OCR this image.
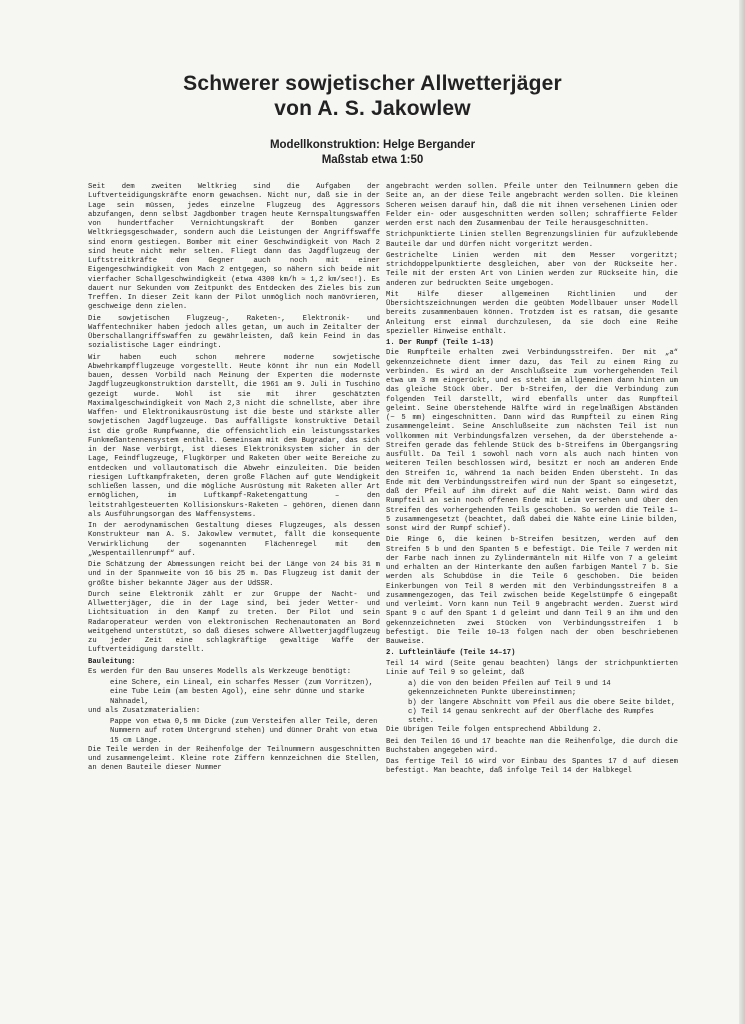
Schwerer sowjetischer Allwetterjäger
von A. S. Jakowlew
Modellkonstruktion: Helge Bergander
Maßstab etwa 1:50

Seit dem zweiten Weltkrieg sind die Aufgaben der Luftverteidigungskräfte enorm gewachsen. Nicht nur, daß sie in der Lage sein müssen, jedes einzelne Flugzeug des Aggressors abzufangen, denn selbst Jagdbomber tragen heute Kernspaltungswaffen von hundertfacher Vernichtungskraft der Bomben ganzer Weltkriegsgeschwader, sondern auch die Leistungen der Angriffswaffe sind enorm gestiegen. Bomber mit einer Geschwindigkeit von Mach 2 sind heute nicht mehr selten. Fliegt dann das Jagdflugzeug der Luftstreitkräfte dem Gegner auch noch mit einer Eigengeschwindigkeit von Mach 2 entgegen, so nähern sich beide mit vierfacher Schallgeschwindigkeit (etwa 4300 km/h ≈ 1,2 km/sec!). Es dauert nur Sekunden vom Zeitpunkt des Entdecken des Zieles bis zum Treffen. In dieser Zeit kann der Pilot unmöglich noch manövrieren, geschweige denn zielen.

Die sowjetischen Flugzeug-, Raketen-, Elektronik- und Waffentechniker haben jedoch alles getan, um auch im Zeitalter der Überschallangriffswaffen zu gewährleisten, daß kein Feind in das sozialistische Lager eindringt.

Wir haben euch schon mehrere moderne sowjetische Abwehrkampfflugzeuge vorgestellt. Heute könnt ihr nun ein Modell bauen, dessen Vorbild nach Meinung der Experten die modernste Jagdflugzeugkonstruktion darstellt, die 1961 am 9. Juli in Tuschino gezeigt wurde. Wohl ist sie mit ihrer geschätzten Maximalgeschwindigkeit von Mach 2,3 nicht die schnellste, aber ihre Waffen- und Elektronikausrüstung ist die beste und stärkste aller sowjetischen Jagdflugzeuge. Das auffälligste konstruktive Detail ist die große Rumpfwanne, die offensichtlich ein leistungsstarkes Funkmeßantennensystem enthält. Gemeinsam mit dem Bugradar, das sich in der Nase verbirgt, ist dieses Elektroniksystem sicher in der Lage, Feindflugzeuge, Flugkörper und Raketen über weite Bereiche zu entdecken und vollautomatisch die Abwehr einzuleiten. Die beiden riesigen Luftkampfraketen, deren große Flächen auf gute Wendigkeit schließen lassen, und die mögliche Ausrüstung mit Raketen aller Art ermöglichen, im Luftkampf-Raketengattung – den leitstrahlgesteuerten Kollisionskurs-Raketen – gehören, dienen dann als Ausführungsorgan des Waffensystems.

In der aerodynamischen Gestaltung dieses Flugzeuges, als dessen Konstrukteur man A. S. Jakowlew vermutet, fällt die konsequente Verwirklichung der sogenannten Flächenregel mit dem „Wespentaillenrumpf“ auf.

Die Schätzung der Abmessungen reicht bei der Länge von 24 bis 31 m und in der Spannweite von 16 bis 25 m. Das Flugzeug ist damit der größte bisher bekannte Jäger aus der UdSSR.

Durch seine Elektronik zählt er zur Gruppe der Nacht- und Allwetterjäger, die in der Lage sind, bei jeder Wetter- und Lichtsituation in den Kampf zu treten. Der Pilot und sein Radaroperateur werden von elektronischen Rechenautomaten an Bord weitgehend unterstützt, so daß dieses schwere Allwetterjagdflugzeug zu jeder Zeit eine schlagkräftige gewaltige Waffe der Luftverteidigung darstellt.

Bauleitung:

Es werden für den Bau unseres Modells als Werkzeuge benötigt:

eine Schere, ein Lineal, ein scharfes Messer (zum Vorritzen), eine Tube Leim (am besten Agol), eine sehr dünne und starke Nähnadel,

und als Zusatzmaterialien:

Pappe von etwa 0,5 mm Dicke (zum Versteifen aller Teile, deren Nummern auf rotem Untergrund stehen) und dünner Draht von etwa 15 cm Länge.

Die Teile werden in der Reihenfolge der Teilnummern ausgeschnitten und zusammengeleimt. Kleine rote Ziffern kennzeichnen die Stellen, an denen Bauteile dieser Nummer

angebracht werden sollen. Pfeile unter den Teilnummern geben die Seite an, an der diese Teile angebracht werden sollen. Die kleinen Scheren weisen darauf hin, daß die mit ihnen versehenen Linien oder Felder ein- oder ausgeschnitten werden sollen; schraffierte Felder werden erst nach dem Zusammenbau der Teile herausgeschnitten.

Strichpunktierte Linien stellen Begrenzungslinien für aufzuklebende Bauteile dar und dürfen nicht vorgeritzt werden.

Gestrichelte Linien werden mit dem Messer vorgeritzt; strichdoppelpunktierte desgleichen, aber von der Rückseite her. Teile mit der ersten Art von Linien werden zur Rückseite hin, die anderen zur bedruckten Seite umgebogen.

Mit Hilfe dieser allgemeinen Richtlinien und der Übersichtszeichnungen werden die geübten Modellbauer unser Modell bereits zusammenbauen können. Trotzdem ist es ratsam, die gesamte Anleitung erst einmal durchzulesen, da sie doch eine Reihe spezieller Hinweise enthält.

1. Der Rumpf (Teile 1–13)

Die Rumpfteile erhalten zwei Verbindungsstreifen. Der mit „a“ gekennzeichnete dient immer dazu, das Teil zu einem Ring zu verbinden. Es wird an der Anschlußseite zum vorhergehenden Teil etwa um 3 mm eingerückt, und es steht im allgemeinen dann hinten um das gleiche Stück über. Der b-Streifen, der die Verbindung zum folgenden Teil darstellt, wird ebenfalls unter das Rumpfteil geleimt. Seine überstehende Hälfte wird in regelmäßigen Abständen (~ 5 mm) eingeschnitten. Dann wird das Rumpfteil zu einem Ring zusammengeleimt. Seine Anschlußseite zum nächsten Teil ist nun vollkommen mit Verbindungsfalzen versehen, da der überstehende a-Streifen gerade das fehlende Stück des b-Streifens im Übergangsring ausfüllt. Da Teil 1 sowohl nach vorn als auch nach hinten von weiteren Teilen beschlossen wird, besitzt er noch am anderen Ende den Streifen 1c, während 1a nach beiden Enden übersteht. In das Ende mit dem Verbindungsstreifen wird nun der Spant so eingesetzt, daß der Pfeil auf ihm direkt auf die Naht weist. Dann wird das Rumpfteil an sein noch offenen Ende mit Leim versehen und über den Streifen des vorhergehenden Teils geschoben. So werden die Teile 1–5 zusammengesetzt (beachtet, daß dabei die Nähte eine Linie bilden, sonst wird der Rumpf schief).

Die Ringe 6, die keinen b-Streifen besitzen, werden auf dem Streifen 5 b und den Spanten 5 e befestigt. Die Teile 7 werden mit der Farbe nach innen zu Zylindermänteln mit Hilfe von 7 a geleimt und erhalten an der Hinterkante den außen farbigen Mantel 7 b. Sie werden als Schubdüse in die Teile 6 geschoben. Die beiden Einkerbungen von Teil 8 werden mit den Verbindungsstreifen 8 a zusammengezogen, das Teil zwischen beide Kegelstümpfe 6 eingepaßt und verleimt. Vorn kann nun Teil 9 angebracht werden. Zuerst wird Spant 9 c auf den Spant 1 d geleimt und dann Teil 9 an ihm und den gekennzeichneten zwei Stücken von Verbindungsstreifen 1 b befestigt. Die Teile 10–13 folgen nach der oben beschriebenen Bauweise.

2. Luftleinläufe (Teile 14–17)

Teil 14 wird (Seite genau beachten) längs der strichpunktierten Linie auf Teil 9 so geleimt, daß

a) die von den beiden Pfeilen auf Teil 9 und 14 gekennzeichneten Punkte übereinstimmen;
b) der längere Abschnitt vom Pfeil aus die obere Seite bildet,
c) Teil 14 genau senkrecht auf der Oberfläche des Rumpfes steht.

Die übrigen Teile folgen entsprechend Abbildung 2.

Bei den Teilen 16 und 17 beachte man die Reihenfolge, die durch die Buchstaben angegeben wird.

Das fertige Teil 16 wird vor Einbau des Spantes 17 d auf diesem befestigt. Man beachte, daß infolge Teil 14 der Halbkegel
